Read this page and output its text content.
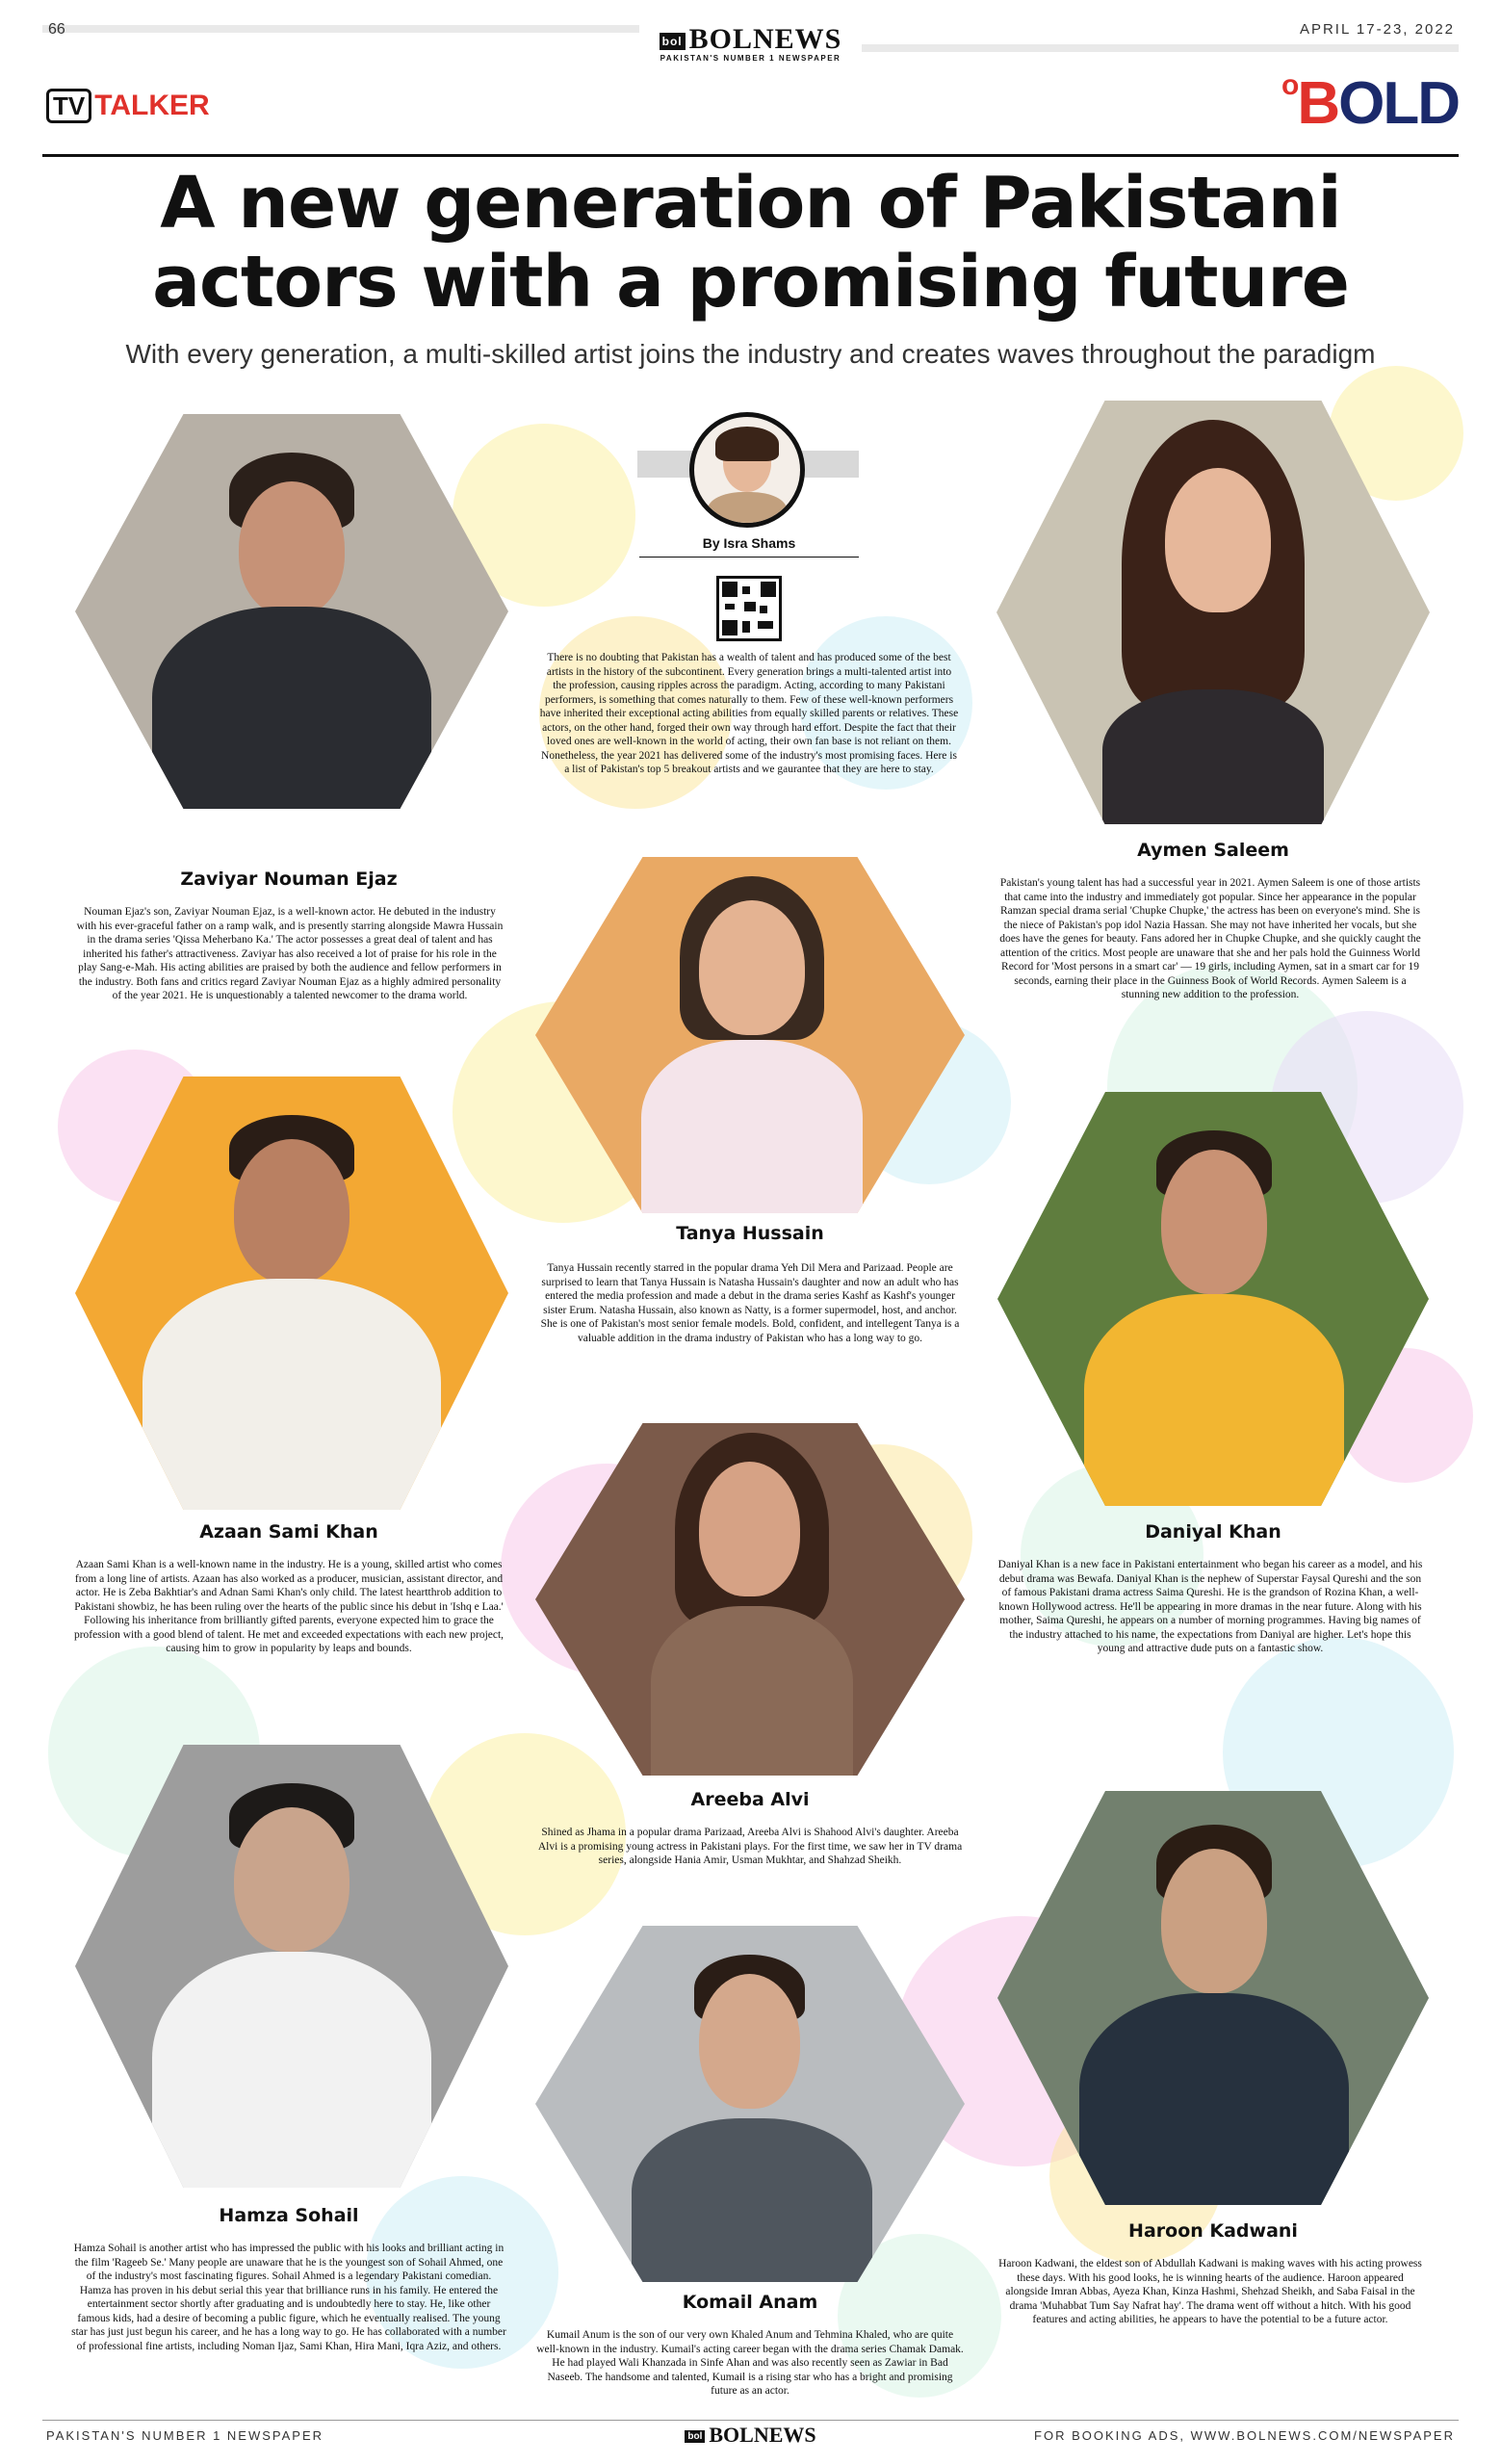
66	APRIL 17-23, 2022
bol BOLNEWS
PAKISTAN'S NUMBER 1 NEWSPAPER
TV TALKER
$^o$BOLD
A new generation of Pakistani
actors with a promising future
With every generation, a multi-skilled artist joins the industry and creates waves throughout the paradigm
By Isra Shams
There is no doubting that Pakistan has a wealth of talent and has produced some of the best artists in the history of the subcontinent. Every generation brings a multi-talented artist into the profession, causing ripples across the paradigm. Acting, according to many Pakistani performers, is something that comes naturally to them. Few of these well-known performers have inherited their exceptional acting abilities from equally skilled parents or relatives. These actors, on the other hand, forged their own way through hard effort. Despite the fact that their loved ones are well-known in the world of acting, their own fan base is not reliant on them. Nonetheless, the year 2021 has delivered some of the industry's most promising faces. Here is a list of Pakistan's top 5 breakout artists and we gaurantee that they are here to stay.
Zaviyar Nouman Ejaz
Nouman Ejaz's son, Zaviyar Nouman Ejaz, is a well-known actor. He debuted in the industry with his ever-graceful father on a ramp walk, and is presently starring alongside Mawra Hussain in the drama series 'Qissa Meherbano Ka.' The actor possesses a great deal of talent and has inherited his father's attractiveness. Zaviyar has also received a lot of praise for his role in the play Sang-e-Mah. His acting abilities are praised by both the audience and fellow performers in the industry. Both fans and critics regard Zaviyar Nouman Ejaz as a highly admired personality of the year 2021. He is unquestionably a talented newcomer to the drama world.
Aymen Saleem
Pakistan's young talent has had a successful year in 2021. Aymen Saleem is one of those artists that came into the industry and immediately got popular. Since her appearance in the popular Ramzan special drama serial 'Chupke Chupke,' the actress has been on everyone's mind. She is the niece of Pakistan's pop idol Nazia Hassan. She may not have inherited her vocals, but she does have the genes for beauty. Fans adored her in Chupke Chupke, and she quickly caught the attention of the critics. Most people are unaware that she and her pals hold the Guinness World Record for 'Most persons in a smart car' — 19 girls, including Aymen, sat in a smart car for 19 seconds, earning their place in the Guinness Book of World Records. Aymen Saleem is a stunning new addition to the profession.
Tanya Hussain
Tanya Hussain recently starred in the popular drama Yeh Dil Mera and Parizaad. People are surprised to learn that Tanya Hussain is Natasha Hussain's daughter and now an adult who has entered the media profession and made a debut in the drama series Kashf as Kashf's younger sister Erum. Natasha Hussain, also known as Natty, is a former supermodel, host, and anchor. She is one of Pakistan's most senior female models. Bold, confident, and intellegent Tanya is a valuable addition in the drama industry of Pakistan who has a long way to go.
Azaan Sami Khan
Azaan Sami Khan is a well-known name in the industry. He is a young, skilled artist who comes from a long line of artists. Azaan has also worked as a producer, musician, assistant director, and actor. He is Zeba Bakhtiar's and Adnan Sami Khan's only child. The latest heartthrob addition to Pakistani showbiz, he has been ruling over the hearts of the public since his debut in 'Ishq e Laa.' Following his inheritance from brilliantly gifted parents, everyone expected him to grace the profession with a good blend of talent. He met and exceeded expectations with each new project, causing him to grow in popularity by leaps and bounds.
Daniyal Khan
Daniyal Khan is a new face in Pakistani entertainment who began his career as a model, and his debut drama was Bewafa. Daniyal Khan is the nephew of Superstar Faysal Qureshi and the son of famous Pakistani drama actress Saima Qureshi. He is the grandson of Rozina Khan, a well-known Hollywood actress. He'll be appearing in more dramas in the near future. Along with his mother, Saima Qureshi, he appears on a number of morning programmes. Having big names of the industry attached to his name, the expectations from Daniyal are higher. Let's hope this young and attractive dude puts on a fantastic show.
Areeba Alvi
Shined as Jhama in a popular drama Parizaad, Areeba Alvi is Shahood Alvi's daughter. Areeba Alvi is a promising young actress in Pakistani plays. For the first time, we saw her in TV drama series, alongside Hania Amir, Usman Mukhtar, and Shahzad Sheikh.
Hamza Sohail
Hamza Sohail is another artist who has impressed the public with his looks and brilliant acting in the film 'Rageeb Se.' Many people are unaware that he is the youngest son of Sohail Ahmed, one of the industry's most fascinating figures. Sohail Ahmed is a legendary Pakistani comedian. Hamza has proven in his debut serial this year that brilliance runs in his family. He entered the entertainment sector shortly after graduating and is undoubtedly here to stay. He, like other famous kids, had a desire of becoming a public figure, which he eventually realised. The young star has just just begun his career, and he has a long way to go. He has collaborated with a number of professional fine artists, including Noman Ijaz, Sami Khan, Hira Mani, Iqra Aziz, and others.
Haroon Kadwani
Haroon Kadwani, the eldest son of Abdullah Kadwani is making waves with his acting prowess these days. With his good looks, he is winning hearts of the audience. Haroon appeared alongside Imran Abbas, Ayeza Khan, Kinza Hashmi, Shehzad Sheikh, and Saba Faisal in the drama 'Muhabbat Tum Say Nafrat hay'. The drama went off without a hitch. With his good features and acting abilities, he appears to have the potential to be a future actor.
Komail Anam
Kumail Anum is the son of our very own Khaled Anum and Tehmina Khaled, who are quite well-known in the industry. Kumail's acting career began with the drama series Chamak Damak. He had played Wali Khanzada in Sinfe Ahan and was also recently seen as Zawiar in Bad Naseeb. The handsome and talented, Kumail is a rising star who has a bright and promising future as an actor.
PAKISTAN'S NUMBER 1 NEWSPAPER	bol BOLNEWS	FOR BOOKING ADS, WWW.BOLNEWS.COM/NEWSPAPER
